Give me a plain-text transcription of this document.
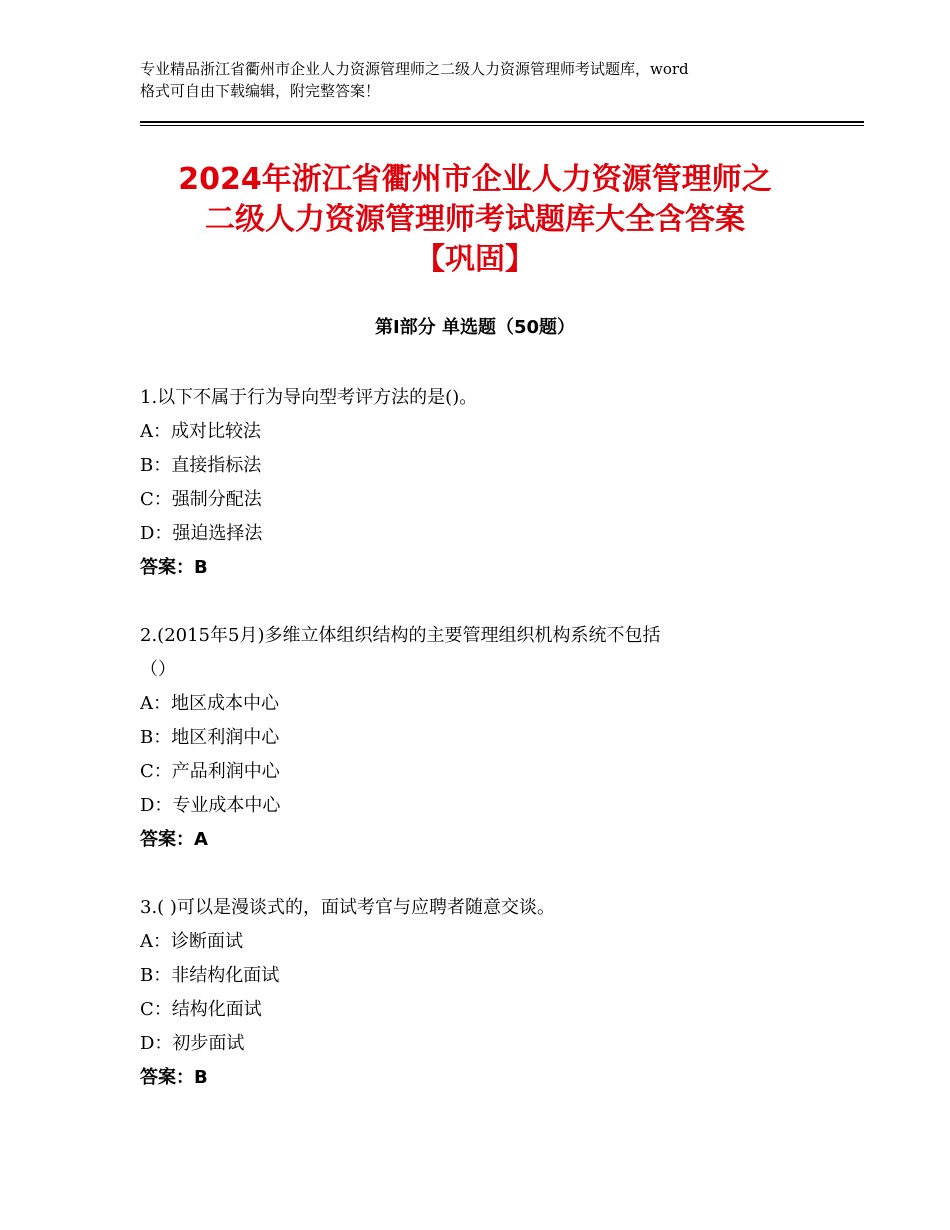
专业精品浙江省衢州市企业人力资源管理师之二级人力资源管理师考试题库，word
格式可自由下载编辑，附完整答案！
2024年浙江省衢州市企业人力资源管理师之
二级人力资源管理师考试题库大全含答案
【巩固】
第Ⅰ部分 单选题（50题）
1.以下不属于行为导向型考评方法的是()。
A：成对比较法
B：直接指标法
C：强制分配法
D：强迫选择法
答案：B
2.(2015年5月)多维立体组织结构的主要管理组织机构系统不包括
（）
A：地区成本中心
B：地区利润中心
C：产品利润中心
D：专业成本中心
答案：A
3.( )可以是漫谈式的，面试考官与应聘者随意交谈。
A：诊断面试
B：非结构化面试
C：结构化面试
D：初步面试
答案：B
